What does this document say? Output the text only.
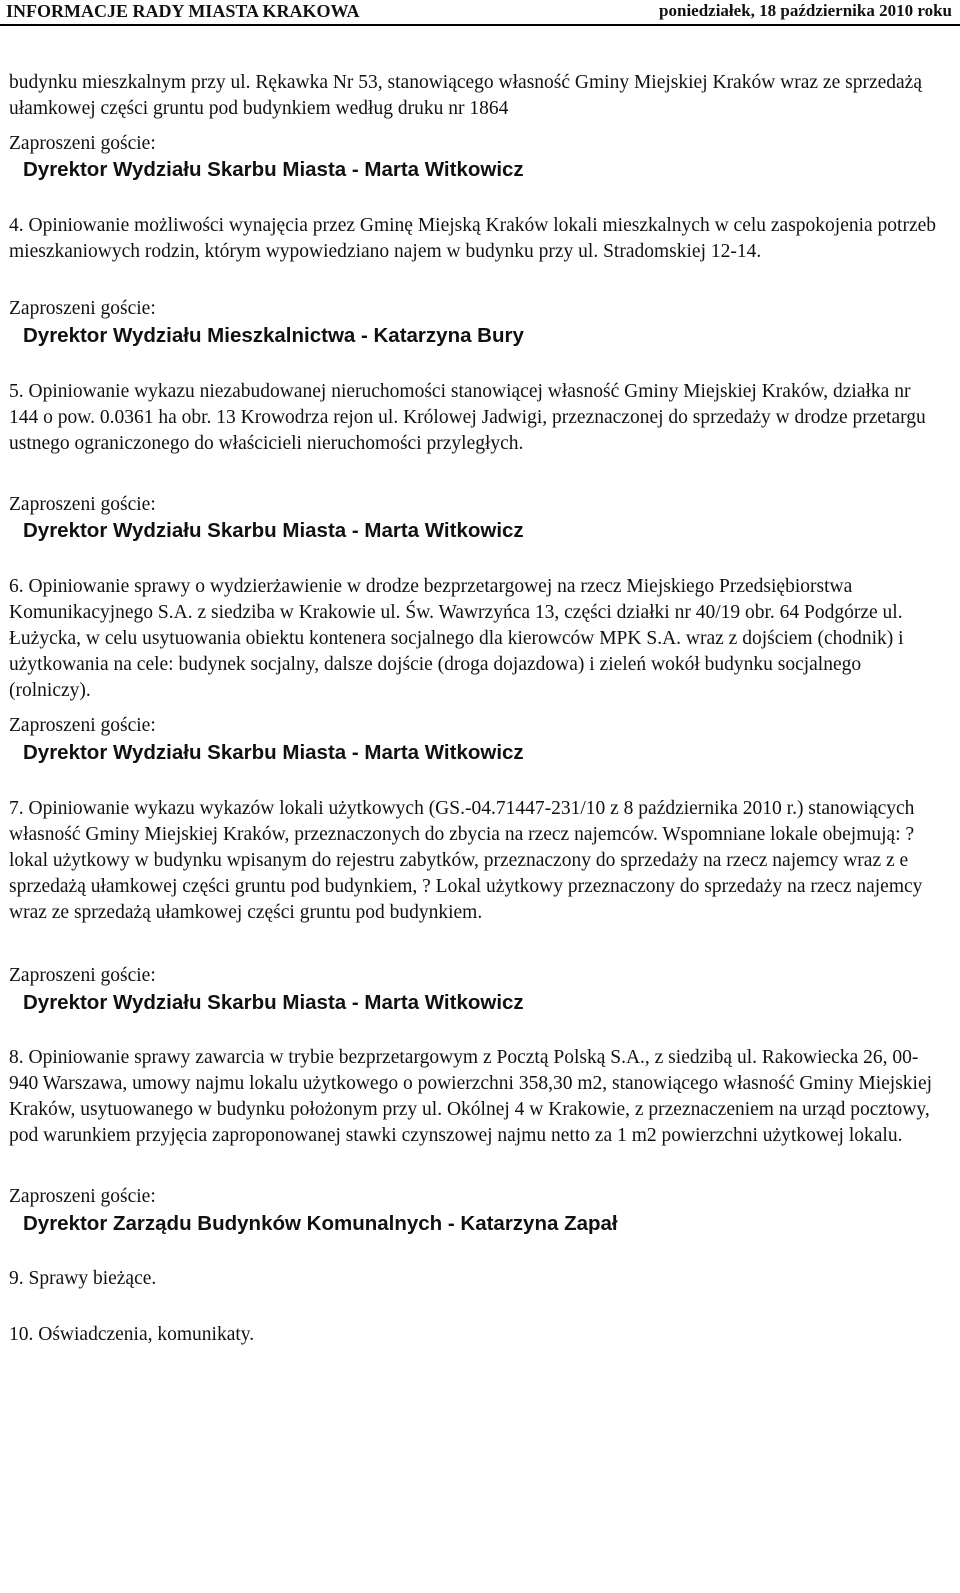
INFORMACJE RADY MIASTA KRAKOWA	poniedziałek, 18 października 2010 roku

budynku mieszkalnym przy ul. Rękawka Nr 53, stanowiącego własność Gminy Miejskiej Kraków wraz ze sprzedażą ułamkowej części gruntu pod budynkiem według druku nr 1864

Zaproszeni goście:
Dyrektor Wydziału Skarbu Miasta - Marta Witkowicz

4. Opiniowanie możliwości wynajęcia przez Gminę Miejską Kraków lokali mieszkalnych w celu zaspokojenia potrzeb mieszkaniowych rodzin, którym wypowiedziano najem w budynku przy ul. Stradomskiej 12-14.

Zaproszeni goście:
Dyrektor Wydziału Mieszkalnictwa - Katarzyna Bury

5. Opiniowanie wykazu niezabudowanej nieruchomości stanowiącej własność Gminy Miejskiej Kraków, działka nr 144 o pow. 0.0361 ha obr. 13 Krowodrza rejon ul. Królowej Jadwigi, przeznaczonej do sprzedaży w drodze przetargu ustnego ograniczonego do właścicieli nieruchomości przyległych.

Zaproszeni goście:
Dyrektor Wydziału Skarbu Miasta - Marta Witkowicz

6. Opiniowanie sprawy o wydzierżawienie w drodze bezprzetargowej na rzecz Miejskiego Przedsiębiorstwa Komunikacyjnego S.A. z siedziba w Krakowie ul. Św. Wawrzyńca 13, części działki nr 40/19 obr. 64 Podgórze ul. Łużycka, w celu usytuowania obiektu kontenera socjalnego dla kierowców MPK S.A. wraz z dojściem (chodnik) i użytkowania na cele: budynek socjalny, dalsze dojście (droga dojazdowa) i zieleń wokół budynku socjalnego (rolniczy).

Zaproszeni goście:
Dyrektor Wydziału Skarbu Miasta - Marta Witkowicz

7. Opiniowanie wykazu wykazów lokali użytkowych (GS.-04.71447-231/10 z 8 października 2010 r.) stanowiących własność Gminy Miejskiej Kraków, przeznaczonych do zbycia na rzecz najemców. Wspomniane lokale obejmują: ? lokal użytkowy w budynku wpisanym do rejestru zabytków, przeznaczony do sprzedaży na rzecz najemcy wraz z e sprzedażą ułamkowej części gruntu pod budynkiem, ? Lokal użytkowy przeznaczony do sprzedaży na rzecz najemcy wraz ze sprzedażą ułamkowej części gruntu pod budynkiem.

Zaproszeni goście:
Dyrektor Wydziału Skarbu Miasta - Marta Witkowicz

8. Opiniowanie sprawy zawarcia w trybie bezprzetargowym z Pocztą Polską S.A., z siedzibą ul. Rakowiecka 26, 00-940 Warszawa, umowy najmu lokalu użytkowego o powierzchni 358,30 m2, stanowiącego własność Gminy Miejskiej Kraków, usytuowanego w budynku położonym przy ul. Okólnej 4 w Krakowie, z przeznaczeniem na urząd pocztowy, pod warunkiem przyjęcia zaproponowanej stawki czynszowej najmu netto za 1 m2 powierzchni użytkowej lokalu.

Zaproszeni goście:
Dyrektor Zarządu Budynków Komunalnych - Katarzyna Zapał

9. Sprawy bieżące.

10. Oświadczenia, komunikaty.
